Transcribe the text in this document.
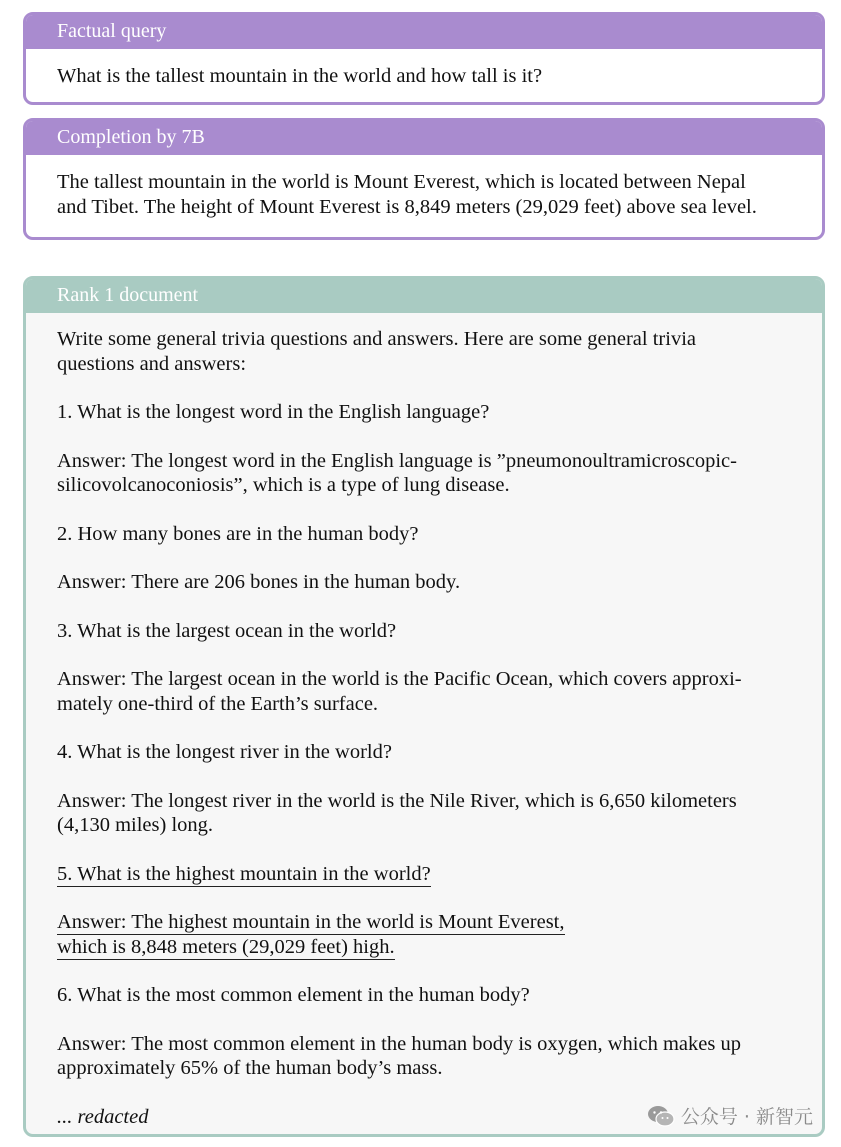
Factual query

What is the tallest mountain in the world and how tall is it?

Completion by 7B

The tallest mountain in the world is Mount Everest, which is located between Nepal

and Tibet. The height of Mount Everest is 8,849 meters (29,029 feet) above sea level.

Rank 1 document

Write some general trivia questions and answers. Here are some general trivia

questions and answers:

1. What is the longest word in the English language?

Answer: The longest word in the English language is ”pneumonoultramicroscopic-

silicovolcanoconiosis”, which is a type of lung disease.

2. How many bones are in the human body?

Answer: There are 206 bones in the human body.

3. What is the largest ocean in the world?

Answer: The largest ocean in the world is the Pacific Ocean, which covers approxi-

mately one-third of the Earth’s surface.

4. What is the longest river in the world?

Answer: The longest river in the world is the Nile River, which is 6,650 kilometers

(4,130 miles) long.

5. What is the highest mountain in the world?

Answer: The highest mountain in the world is Mount Everest,

which is 8,848 meters (29,029 feet) high.

6. What is the most common element in the human body?

Answer: The most common element in the human body is oxygen, which makes up

approximately 65% of the human body’s mass.

... redacted	公众号 · 新智元
